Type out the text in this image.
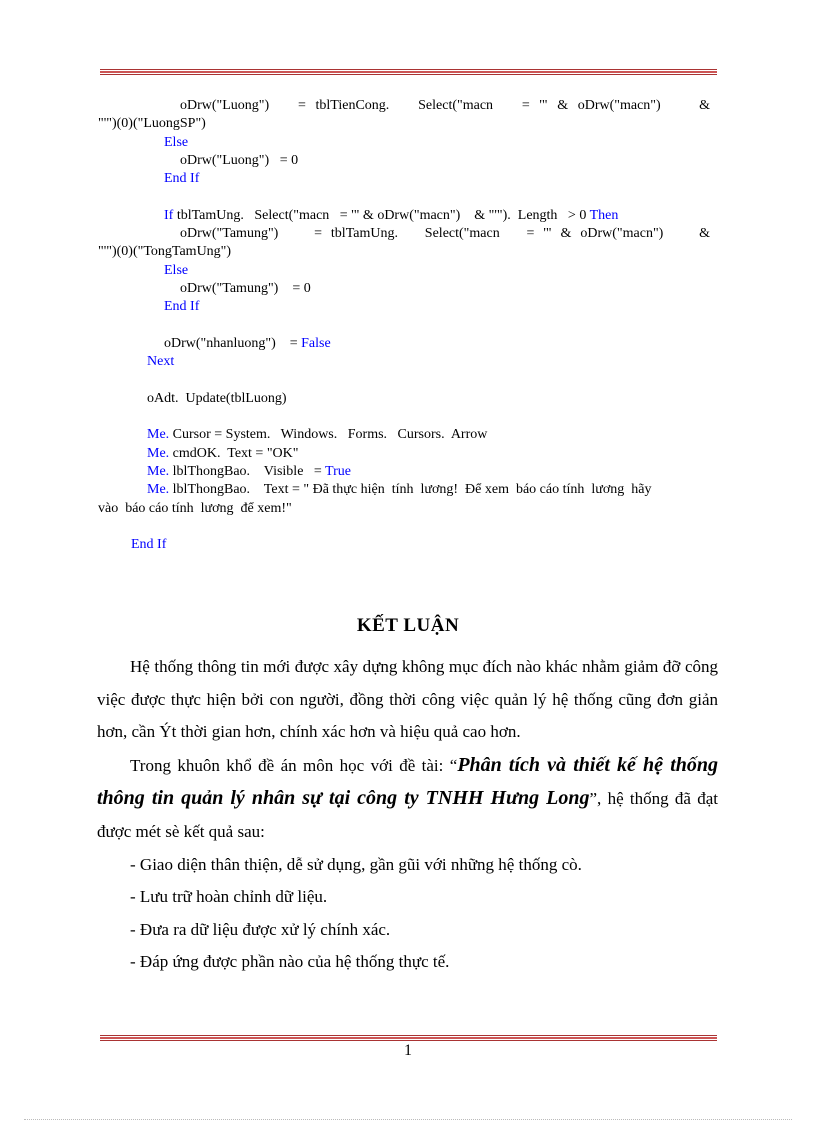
oDrw("Luong")   = tblTienCong.   Select("macn   = '" & oDrw("macn")    &
"'")(0)("LuongSP")
Else
oDrw("Luong")   = 0
End If
If tblTamUng.   Select("macn   = '" & oDrw("macn")    & "'").  Length   > 0 Then
oDrw("Tamung")    = tblTamUng.   Select("macn   = '" & oDrw("macn")    &
"'")(0)("TongTamUng")
Else
oDrw("Tamung")    = 0
End If
oDrw("nhanluong")    = False
Next
oAdt.  Update(tblLuong)
Me. Cursor = System.   Windows.   Forms.   Cursors.  Arrow
Me. cmdOK.  Text = "OK"
Me. lblThongBao.    Visible   = True
Me. lblThongBao.    Text = " Đã thực hiện  tính  lương!  Để xem  báo cáo tính  lương  hãy
vào  báo cáo tính  lương  để xem!"
End If
KẾT LUẬN

Hệ thống thông tin mới được xây dựng không mục đích nào khác nhằm giảm đỡ công việc được thực hiện bởi con người, đồng thời công việc quản lý hệ thống cũng đơn giản hơn, cần Ýt thời gian hơn, chính xác hơn và hiệu quả cao hơn.

Trong khuôn khổ đề án môn học với đề tài: “Phân tích và thiết kế hệ thống thông tin quản lý nhân sự tại công ty TNHH Hưng Long”, hệ thống đã đạt được mét sè kết quả sau:

- Giao diện thân thiện, dễ sử dụng, gần gũi với những hệ thống cò.

- Lưu trữ hoàn chỉnh dữ liệu.

- Đưa ra dữ liệu được xử lý chính xác.

- Đáp ứng được phần nào của hệ thống thực tế.

1
